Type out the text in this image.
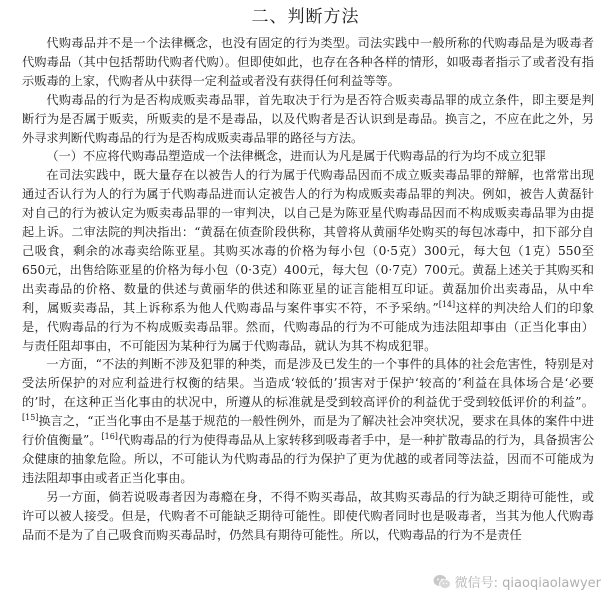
二、判断方法

代购毒品并不是一个法律概念，也没有固定的行为类型。司法实践中一般所称的代购毒品是为吸毒者代购毒品（其中包括帮助代购者代购）。但即使如此，也存在各种各样的情形，如吸毒者指示了或者没有指示贩毒的上家，代购者从中获得一定利益或者没有获得任何利益等等。

代购毒品的行为是否构成贩卖毒品罪，首先取决于行为是否符合贩卖毒品罪的成立条件，即主要是判断行为是否属于贩卖，所贩卖的是不是毒品，以及代购者是否认识到是毒品。换言之，不应在此之外，另外寻求判断代购毒品的行为是否构成贩卖毒品罪的路径与方法。

（一）不应将代购毒品塑造成一个法律概念，进而认为凡是属于代购毒品的行为均不成立犯罪

在司法实践中，既大量存在以被告人的行为属于代购毒品因而不成立贩卖毒品罪的辩解，也常常出现通过否认行为人的行为属于代购毒品进而认定被告人的行为构成贩卖毒品罪的判决。例如，被告人黄磊针对自己的行为被认定为贩卖毒品罪的一审判决，以自己是为陈亚星代购毒品因而不构成贩卖毒品罪为由提起上诉。二审法院的判决指出：“黄磊在侦查阶段供称，其曾将从黄丽华处购买的每包冰毒中，扣下部分自己吸食，剩余的冰毒卖给陈亚星。其购买冰毒的价格为每小包（0·5克）300元，每大包（1克）550至650元，出售给陈亚星的价格为每小包（0·3克）400元，每大包（0·7克）700元。黄磊上述关于其购买和出卖毒品的价格、数量的供述与黄丽华的供述和陈亚星的证言能相互印证。黄磊加价出卖毒品，从中牟利，属贩卖毒品，其上诉称系为他人代购毒品与案件事实不符，不予采纳。”[14]这样的判决给人们的印象是，代购毒品的行为不构成贩卖毒品罪。然而，代购毒品的行为不可能成为违法阻却事由（正当化事由）与责任阻却事由，不可能因为某种行为属于代购毒品，就认为其不构成犯罪。

一方面，“不法的判断不涉及犯罪的种类，而是涉及已发生的一个事件的具体的社会危害性，特别是对受法所保护的对应利益进行权衡的结果。当造成‘较低的’损害对于保护‘较高的’利益在具体场合是‘必要的’时，在这种正当化事由的状况中，所遵从的标准就是受到较高评价的利益优于受到较低评价的利益”。[15]换言之，“正当化事由不是基于规范的一般性例外，而是为了解决社会冲突状况，要求在具体的案件中进行价值衡量”。[16]代购毒品的行为使得毒品从上家转移到吸毒者手中，是一种扩散毒品的行为，具备损害公众健康的抽象危险。所以，不可能认为代购毒品的行为保护了更为优越的或者同等法益，因而不可能成为违法阻却事由或者正当化事由。

另一方面，倘若说吸毒者因为毒瘾在身，不得不购买毒品，故其购买毒品的行为缺乏期待可能性，或许可以被人接受。但是，代购者不可能缺乏期待可能性。即使代购者同时也是吸毒者，当其为他人代购毒品而不是为了自己吸食而购买毒品时，仍然具有期待可能性。所以，代购毒品的行为不是责任

微信号: qiaoqiaolawyer
